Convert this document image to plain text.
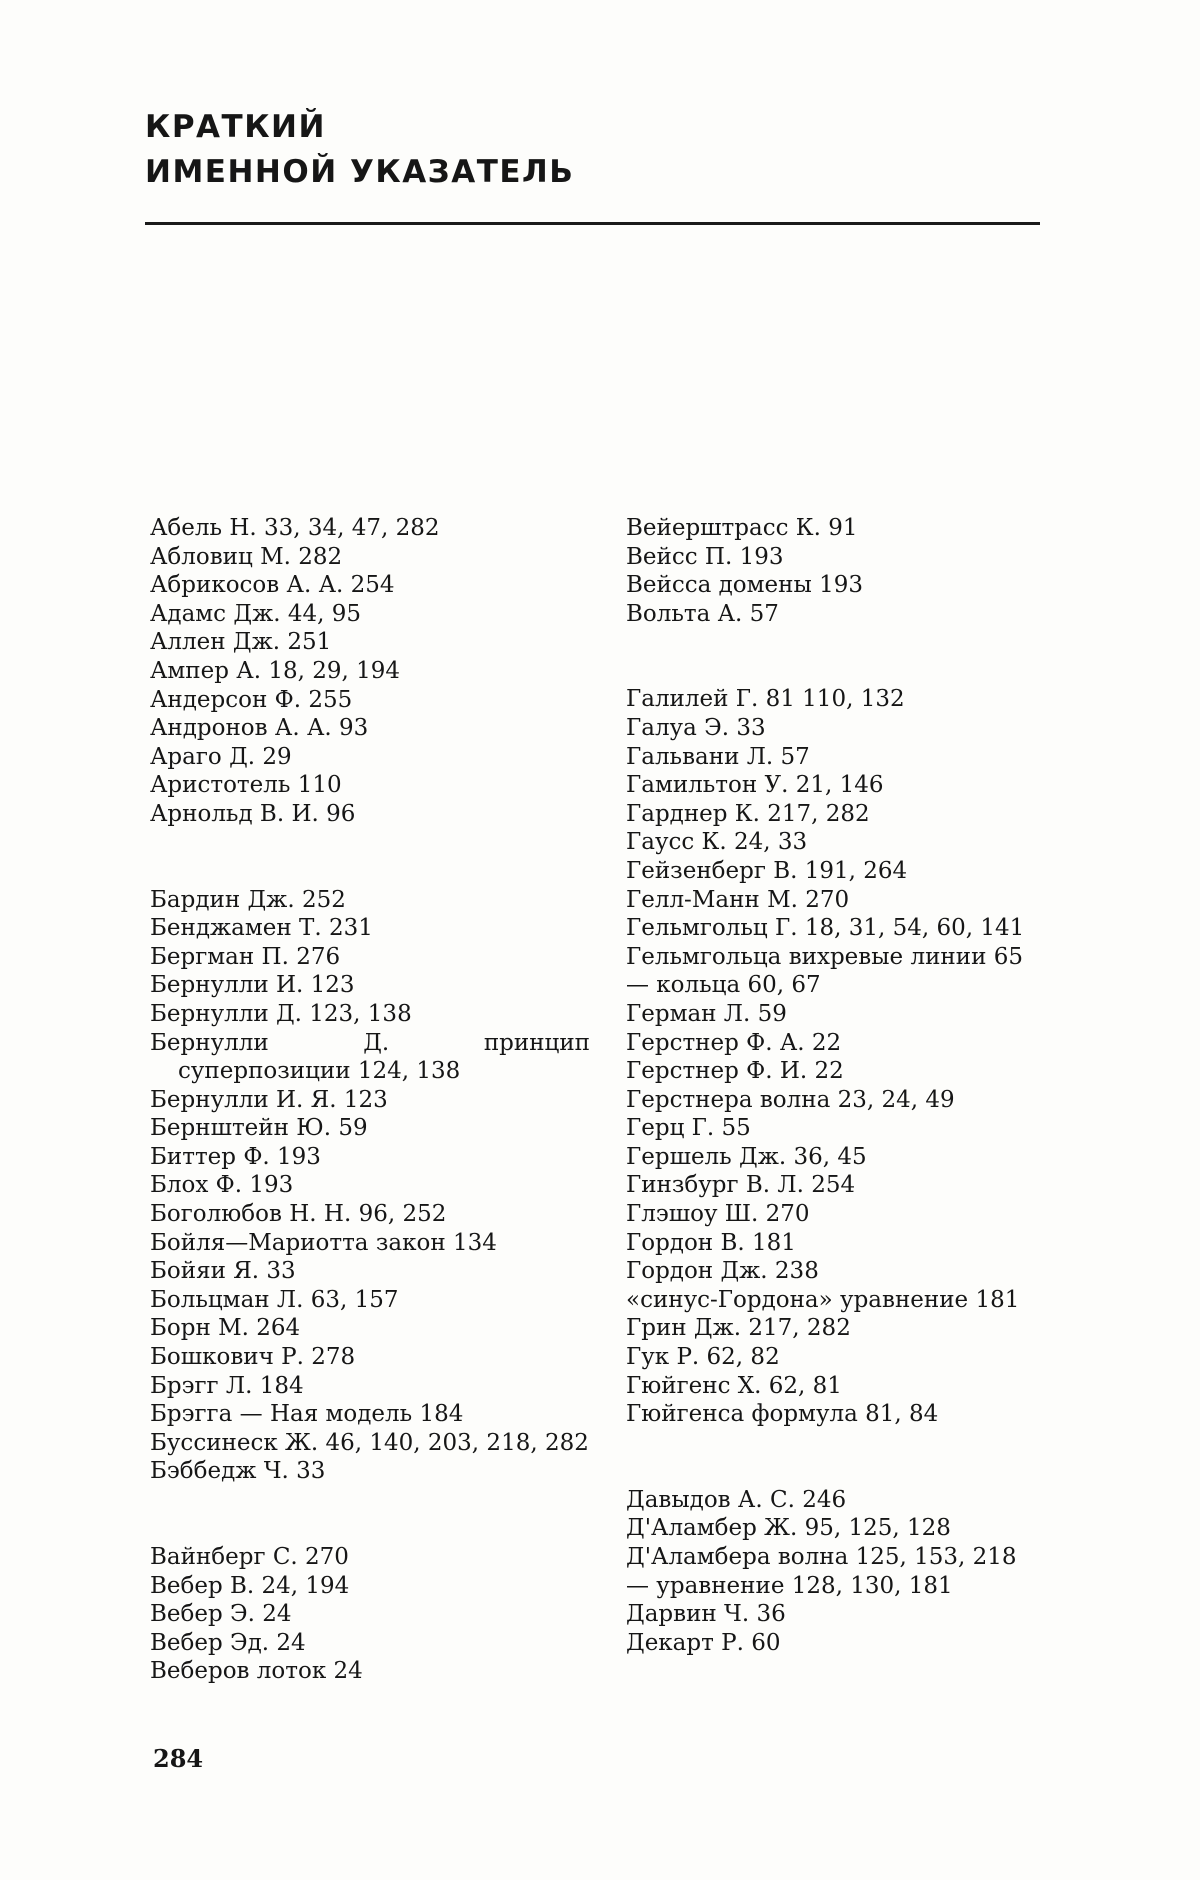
КРАТКИЙ
ИМЕННОЙ УКАЗАТЕЛЬ
Абель Н. 33, 34, 47, 282
Абловиц М. 282
Абрикосов А. А. 254
Адамс Дж. 44, 95
Аллен Дж. 251
Ампер А. 18, 29, 194
Андерсон Ф. 255
Андронов А. А. 93
Араго Д. 29
Аристотель 110
Арнольд В. И. 96
Бардин Дж. 252
Бенджамен Т. 231
Бергман П. 276
Бернулли И. 123
Бернулли Д. 123, 138
Бернулли Д. принцип суперпозиции 124, 138
Бернулли И. Я. 123
Бернштейн Ю. 59
Биттер Ф. 193
Блох Ф. 193
Боголюбов Н. Н. 96, 252
Бойля—Мариотта закон 134
Бойяи Я. 33
Больцман Л. 63, 157
Борн М. 264
Бошкович Р. 278
Брэгг Л. 184
Брэгга — Ная модель 184
Буссинеск Ж. 46, 140, 203, 218, 282
Бэббедж Ч. 33
Вайнберг С. 270
Вебер В. 24, 194
Вебер Э. 24
Вебер Эд. 24
Веберов лоток 24
Вейерштрасс К. 91
Вейсс П. 193
Вейсса домены 193
Вольта А. 57
Галилей Г. 81 110, 132
Галуа Э. 33
Гальвани Л. 57
Гамильтон У. 21, 146
Гарднер К. 217, 282
Гаусс К. 24, 33
Гейзенберг В. 191, 264
Гелл-Манн М. 270
Гельмгольц Г. 18, 31, 54, 60, 141
Гельмгольца вихревые линии 65
— кольца 60, 67
Герман Л. 59
Герстнер Ф. А. 22
Герстнер Ф. И. 22
Герстнера волна 23, 24, 49
Герц Г. 55
Гершель Дж. 36, 45
Гинзбург В. Л. 254
Глэшоу Ш. 270
Гордон В. 181
Гордон Дж. 238
«синус-Гордона» уравнение 181
Грин Дж. 217, 282
Гук Р. 62, 82
Гюйгенс Х. 62, 81
Гюйгенса формула 81, 84
Давыдов А. С. 246
Д'Аламбер Ж. 95, 125, 128
Д'Аламбера волна 125, 153, 218
— уравнение 128, 130, 181
Дарвин Ч. 36
Декарт Р. 60
284
